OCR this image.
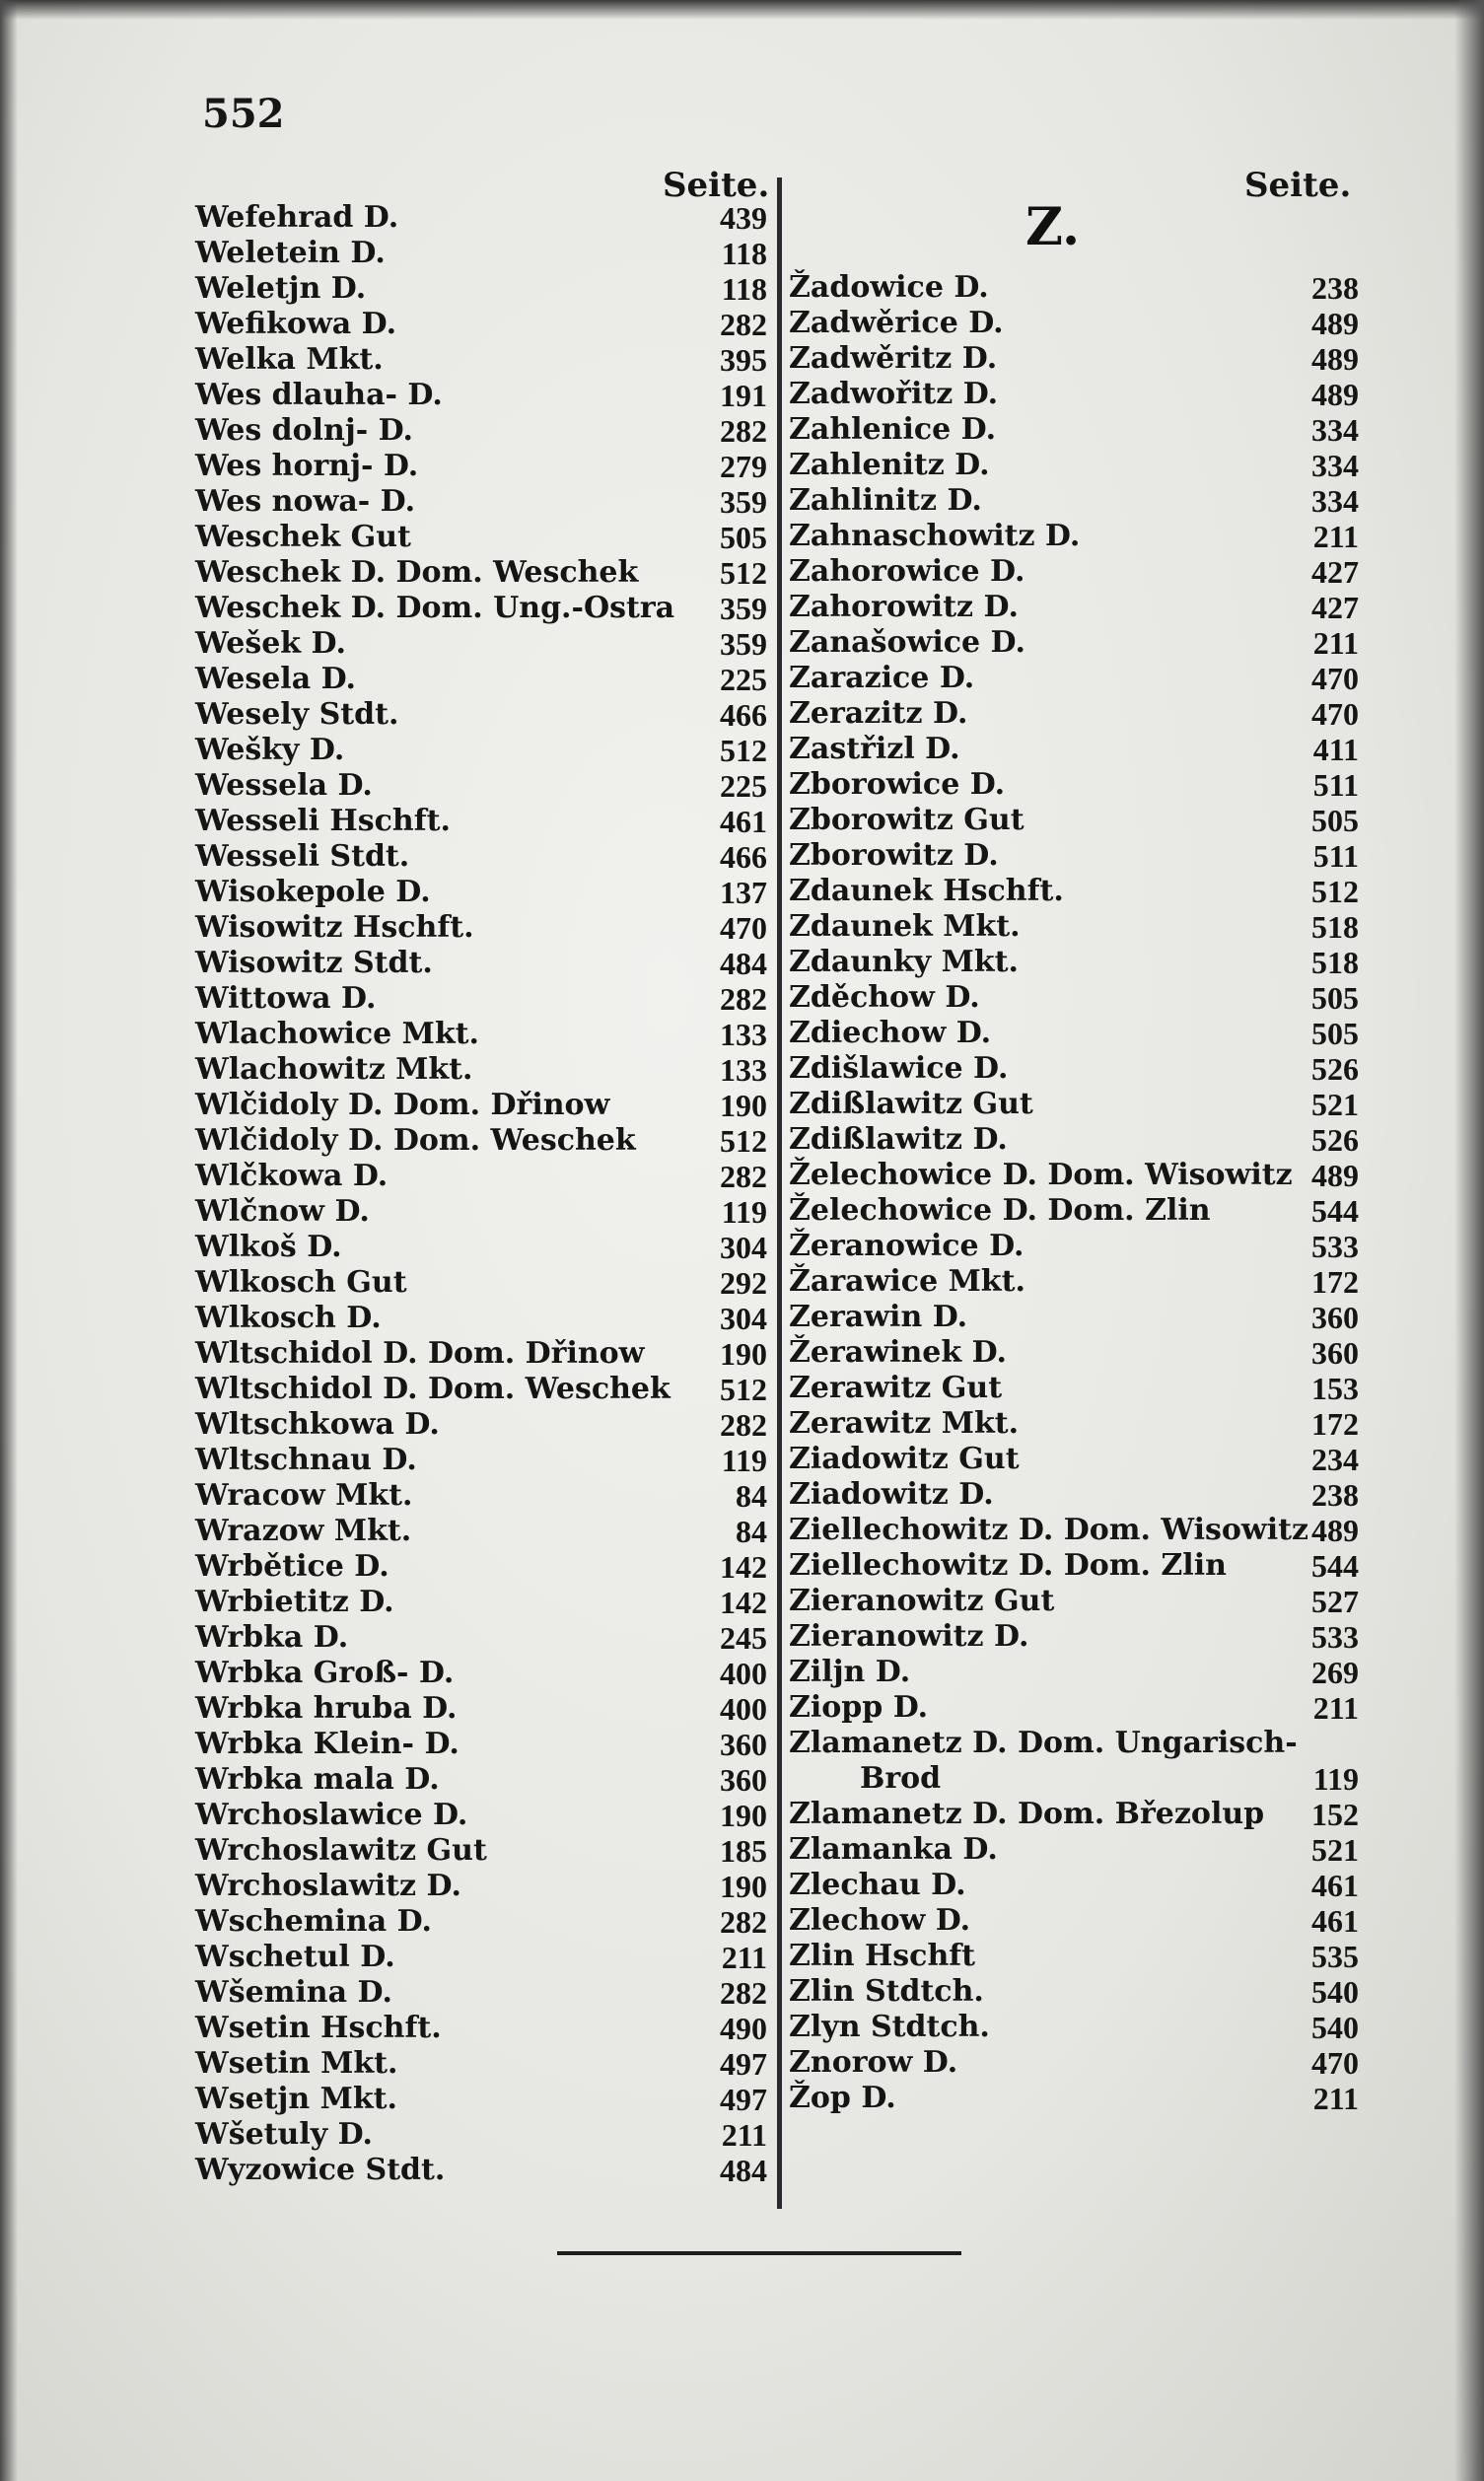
552
Seite.	Seite.
Z.
Wefehrad D.	439
Weletein D.	118
Weletjn D.	118
Wefikowa D.	282
Welka Mkt.	395
Wes dlauha- D.	191
Wes dolnj- D.	282
Wes hornj- D.	279
Wes nowa- D.	359
Weschek Gut	505
Weschek D. Dom. Weschek	512
Weschek D. Dom. Ung.-Ostra 359
Wešek D.	359
Wesela D.	225
Wesely Stdt.	466
Wešky D.	512
Wessela D.	225
Wesseli Hschft.	461
Wesseli Stdt.	466
Wisokepole D.	137
Wisowitz Hschft.	470
Wisowitz Stdt.	484
Wittowa D.	282
Wlachowice Mkt.	133
Wlachowitz Mkt.	133
Wlčidoly D. Dom. Dřinow	190
Wlčidoly D. Dom. Weschek	512
Wlčkowa D.	282
Wlčnow D.	119
Wlkoš D.	304
Wlkosch Gut	292
Wlkosch D.	304
Wltschidol D. Dom. Dřinow 190
Wltschidol D. Dom. Weschek 512
Wltschkowa D.	282
Wltschnau D.	119
Wracow Mkt.	84
Wrazow Mkt.	84
Wrbětice D.	142
Wrbietitz D.	142
Wrbka D.	245
Wrbka Groß- D.	400
Wrbka hruba D.	400
Wrbka Klein- D.	360
Wrbka mala D.	360
Wrchoslawice D.	190
Wrchoslawitz Gut	185
Wrchoslawitz D.	190
Wschemina D.	282
Wschetul D.	211
Wšemina D.	282
Wsetin Hschft.	490
Wsetin Mkt.	497
Wsetjn Mkt.	497
Wšetuly D.	211
Wyzowice Stdt.	484
Žadowice D.	238
Zadwěrice D.	489
Zadwěritz D.	489
Zadwořitz D.	489
Zahlenice D.	334
Zahlenitz D.	334
Zahlinitz D.	334
Zahnaschowitz D.	211
Zahorowice D.	427
Zahorowitz D.	427
Zanašowice D.	211
Zarazice D.	470
Zerazitz D.	470
Zastřizl D.	411
Zborowice D.	511
Zborowitz Gut	505
Zborowitz D.	511
Zdaunek Hschft.	512
Zdaunek Mkt.	518
Zdaunky Mkt.	518
Zděchow D.	505
Zdiechow D.	505
Zdišlawice D.	526
Zdißlawitz Gut	521
Zdißlawitz D.	526
Želechowice D. Dom. Wisowitz 489
Želechowice D. Dom. Zlin	544
Žeranowice D.	533
Žarawice Mkt.	172
Zerawin D.	360
Žerawinek D.	360
Zerawitz Gut	153
Zerawitz Mkt.	172
Ziadowitz Gut	234
Ziadowitz D.	238
Ziellechowitz D. Dom. Wisowitz 489
Ziellechowitz D. Dom. Zlin	544
Zieranowitz Gut	527
Zieranowitz D.	533
Ziljn D.	269
Ziopp D.	211
Zlamanetz D. Dom. Ungarisch-
Brod	119
Zlamanetz D. Dom. Březolup 152
Zlamanka D.	521
Zlechau D.	461
Zlechow D.	461
Zlin Hschft	535
Zlin Stdtch.	540
Zlyn Stdtch.	540
Znorow D.	470
Žop D.	211
